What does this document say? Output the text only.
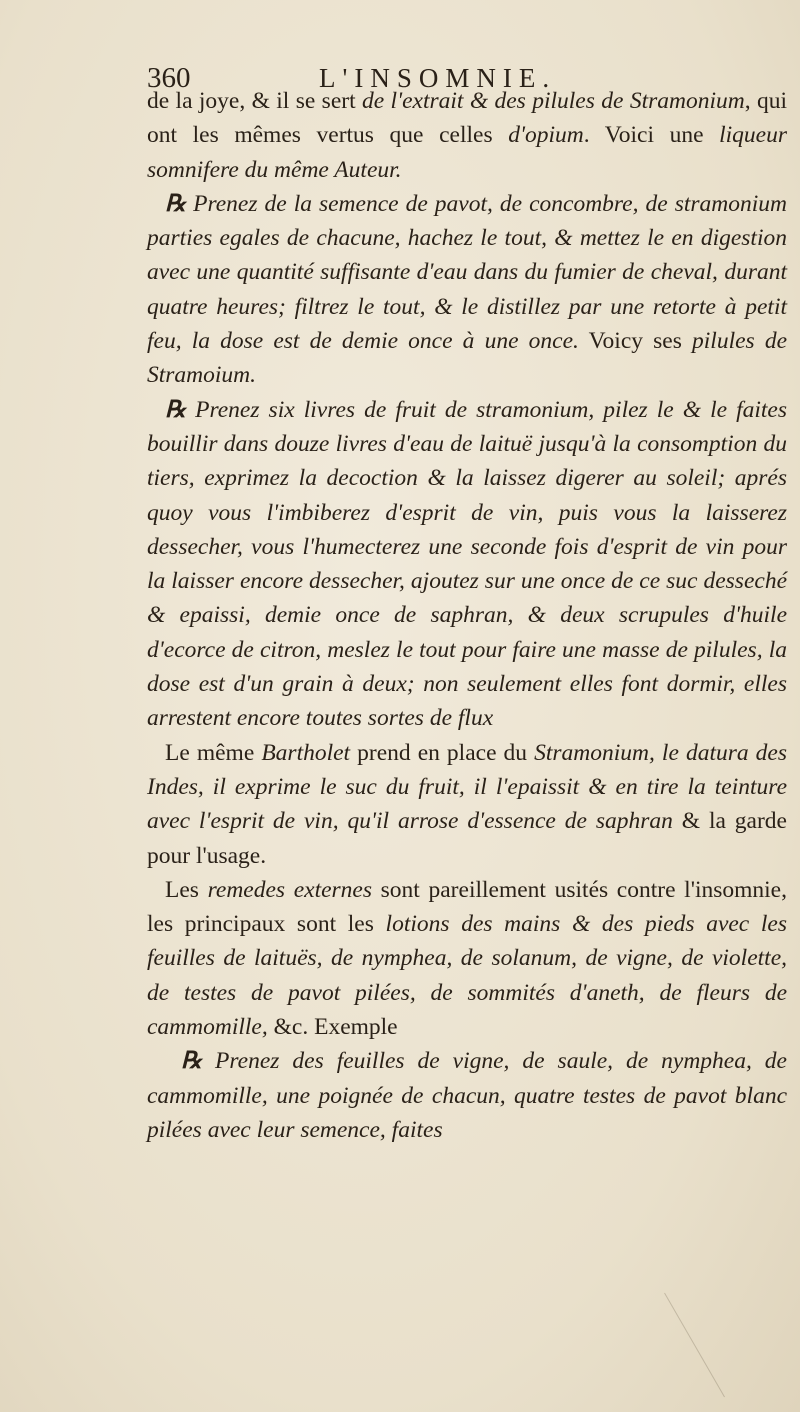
360	L'INSOMNIE.

de la joye, & il se sert de l'extrait & des pilules de Stramonium, qui ont les mêmes vertus que celles d'opium. Voici une liqueur somnifere du même Auteur.

℞ Prenez de la semence de pavot, de concombre, de stramonium parties egales de chacune, hachez le tout, & mettez le en digestion avec une quantité suffisante d'eau dans du fumier de cheval, durant quatre heures; filtrez le tout, & le distillez par une retorte à petit feu, la dose est de demie once à une once. Voicy ses pilules de Stramoium.

℞ Prenez six livres de fruit de stramonium, pilez le & le faites bouillir dans douze livres d'eau de laituë jusqu'à la consomption du tiers, exprimez la decoction & la laissez digerer au soleil; aprés quoy vous l'imbiberez d'esprit de vin, puis vous la laisserez dessecher, vous l'humecterez une seconde fois d'esprit de vin pour la laisser encore dessecher, ajoutez sur une once de ce suc desseché & epaissi, demie once de saphran, & deux scrupules d'huile d'ecorce de citron, meslez le tout pour faire une masse de pilules, la dose est d'un grain à deux; non seulement elles font dormir, elles arrestent encore toutes sortes de flux

Le même Bartholet prend en place du Stramonium, le datura des Indes, il exprime le suc du fruit, il l'epaissit & en tire la teinture avec l'esprit de vin, qu'il arrose d'essence de saphran & la garde pour l'usage.

Les remedes externes sont pareillement usités contre l'insomnie, les principaux sont les lotions des mains & des pieds avec les feuilles de laituës, de nymphea, de solanum, de vigne, de violette, de testes de pavot pilées, de sommités d'aneth, de fleurs de cammomille, &c. Exemple

℞ Prenez des feuilles de vigne, de saule, de nymphea, de cammomille, une poignée de chacun, quatre testes de pavot blanc pilées avec leur semence, faites
